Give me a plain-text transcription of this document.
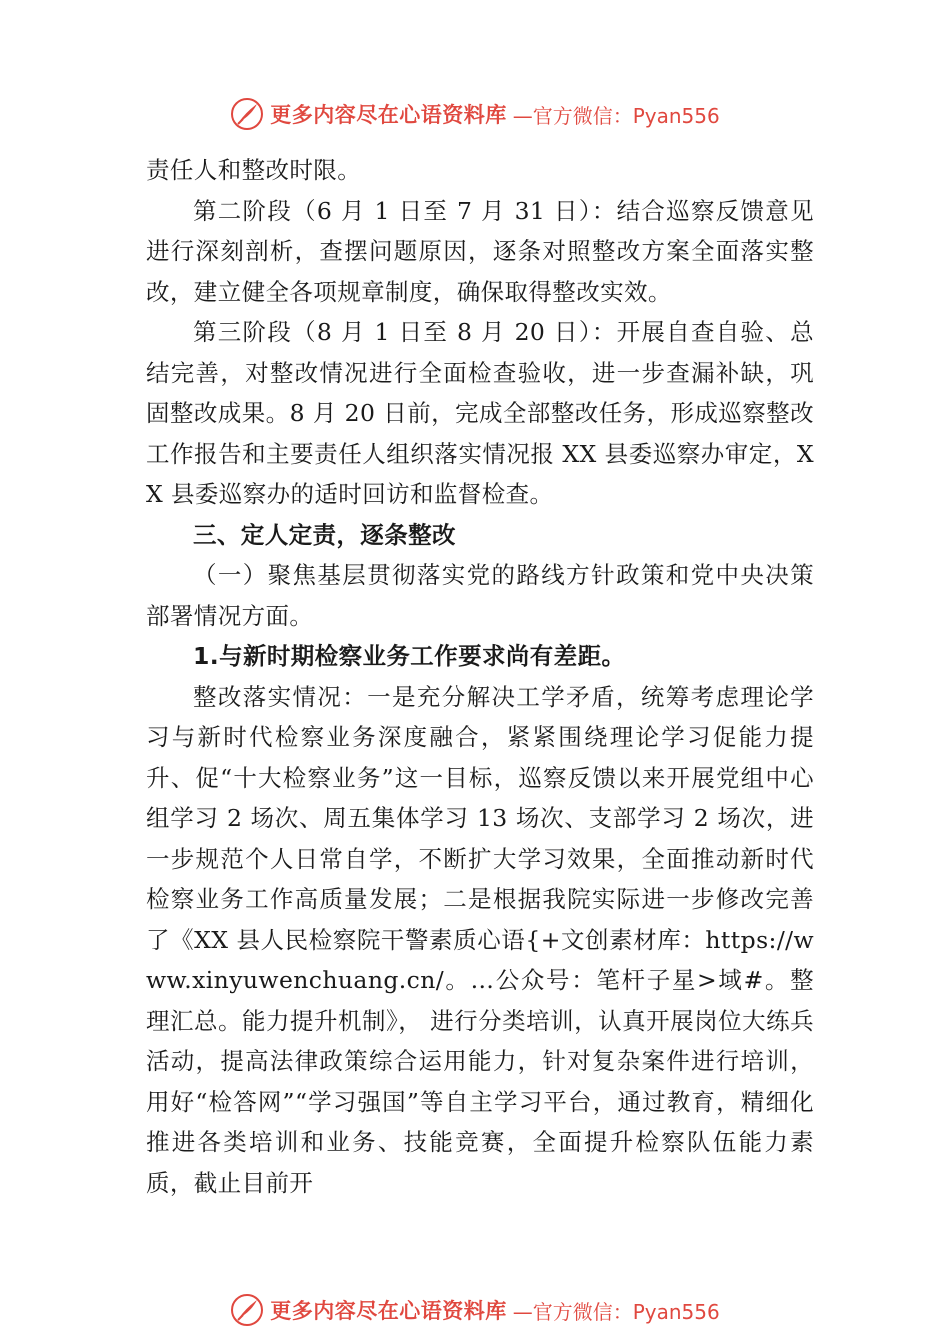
更多内容尽在心语资料库 —官方微信：Pyan556

责任人和整改时限。

第二阶段（6 月 1 日至 7 月 31 日）：结合巡察反馈意见进行深刻剖析，查摆问题原因，逐条对照整改方案全面落实整改，建立健全各项规章制度，确保取得整改实效。

第三阶段（8 月 1 日至 8 月 20 日）：开展自查自验、总结完善，对整改情况进行全面检查验收，进一步查漏补缺，巩固整改成果。8 月 20 日前，完成全部整改任务，形成巡察整改工作报告和主要责任人组织落实情况报 XX 县委巡察办审定，XX 县委巡察办的适时回访和监督检查。

三、定人定责，逐条整改

（一）聚焦基层贯彻落实党的路线方针政策和党中央决策部署情况方面。

1.与新时期检察业务工作要求尚有差距。

整改落实情况：一是充分解决工学矛盾，统筹考虑理论学习与新时代检察业务深度融合，紧紧围绕理论学习促能力提升、促“十大检察业务”这一目标，巡察反馈以来开展党组中心组学习 2 场次、周五集体学习 13 场次、支部学习 2 场次，进一步规范个人日常自学，不断扩大学习效果，全面推动新时代检察业务工作高质量发展；二是根据我院实际进一步修改完善了《XX 县人民检察院干警素质心语{+文创素材库：https://www.xinyuwenchuang.cn/。…公众号：笔杆子星>域#。整理汇总。能力提升机制》， 进行分类培训，认真开展岗位大练兵活动，提高法律政策综合运用能力，针对复杂案件进行培训，用好“检答网”“学习强国”等自主学习平台，通过教育，精细化推进各类培训和业务、技能竞赛，全面提升检察队伍能力素质，截止目前开

更多内容尽在心语资料库 —官方微信：Pyan556
